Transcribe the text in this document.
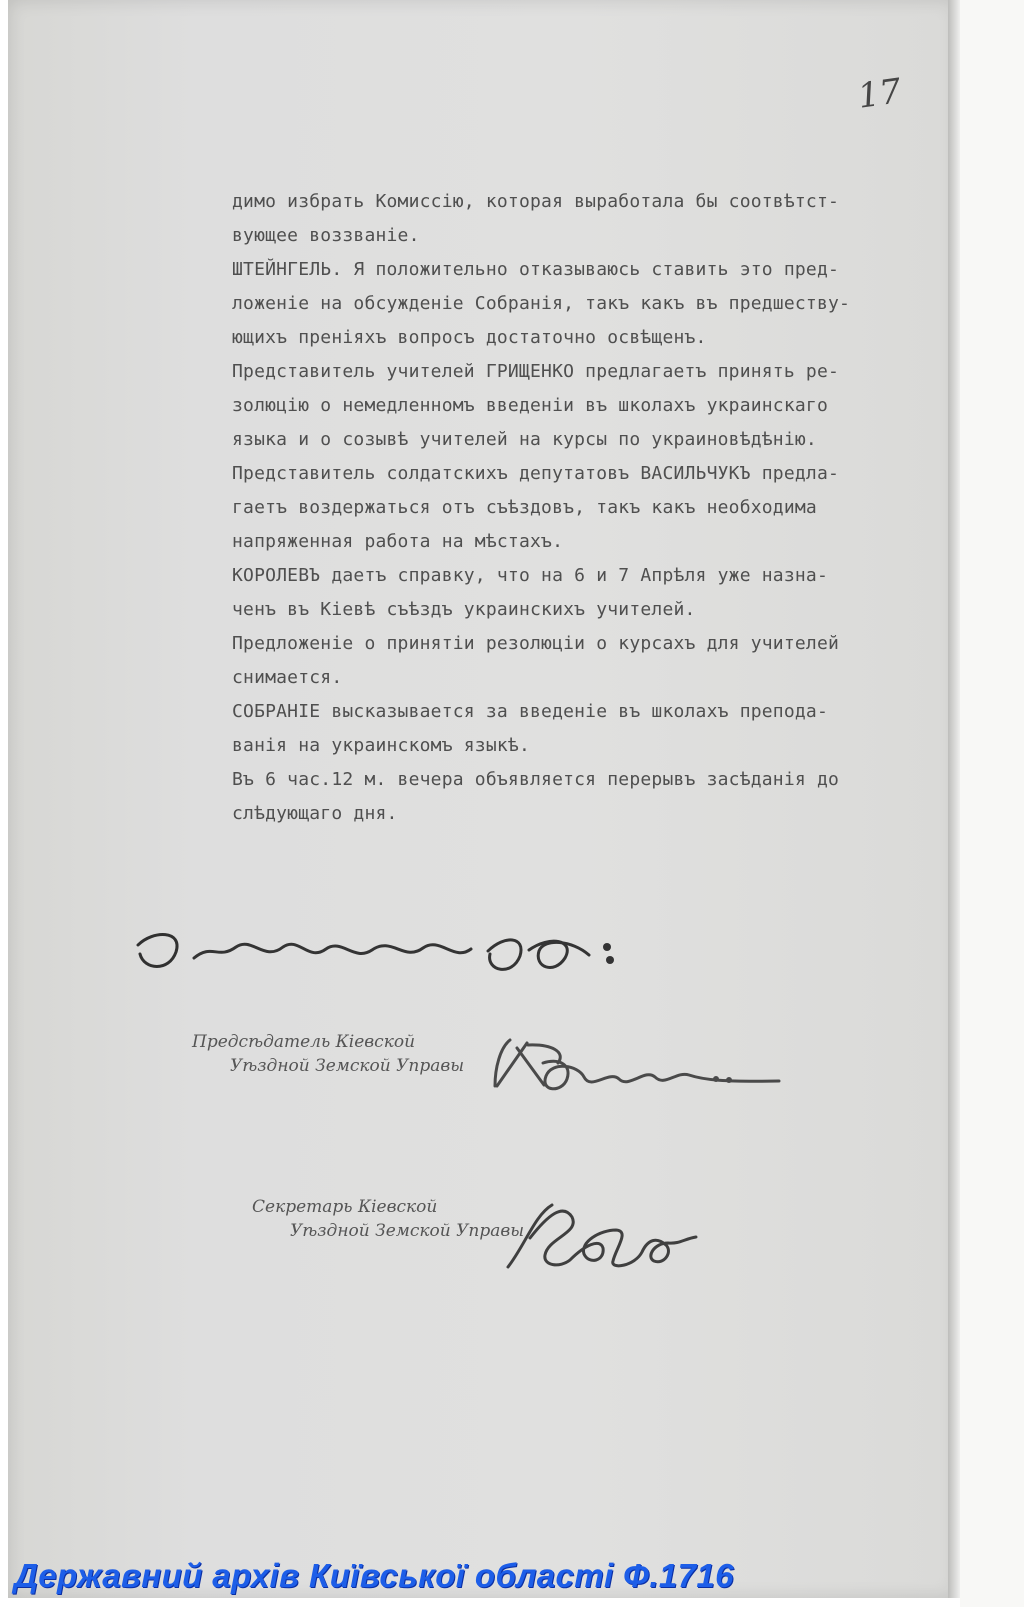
17
димо избрать Комиссiю, которая выработала бы соотвѣтст-
вующее воззванiе.
ШТЕЙНГЕЛЬ. Я положительно отказываюсь ставить это пред-
ложенiе на обсужденiе Собранiя, такъ какъ въ предшеству-
ющихъ пренiяхъ вопросъ достаточно освѣщенъ.
Представитель учителей ГРИЩЕНКО предлагаетъ принять ре-
золюцiю о немедленномъ введенiи въ школахъ украинскаго
языка и о созывѣ учителей на курсы по украиновѣдѣнiю.
Представитель солдатскихъ депутатовъ ВАСИЛЬЧУКЪ предла-
гаетъ воздержаться отъ съѣздовъ, такъ какъ необходима
напряженная работа на мѣстахъ.
КОРОЛЕВЪ даетъ справку, что на 6 и 7 Апрѣля уже назна-
ченъ въ Кiевѣ съѣздъ украинскихъ учителей.
Предложенiе о принятiи резолюцiи о курсахъ для учителей
снимается.
СОБРАНIЕ высказывается за введенiе въ школахъ преподa-
ванiя на украинскомъ языкѣ.
Въ 6 час.12 м. вечера объявляется перерывъ засѣданiя до
слѣдующаго дня.
Предсѣдатель Кiевской
Уѣздной Земской Управы
Секретарь Кiевской
Уѣздной Земской Управы
Державний архів Київської області Ф.1716
